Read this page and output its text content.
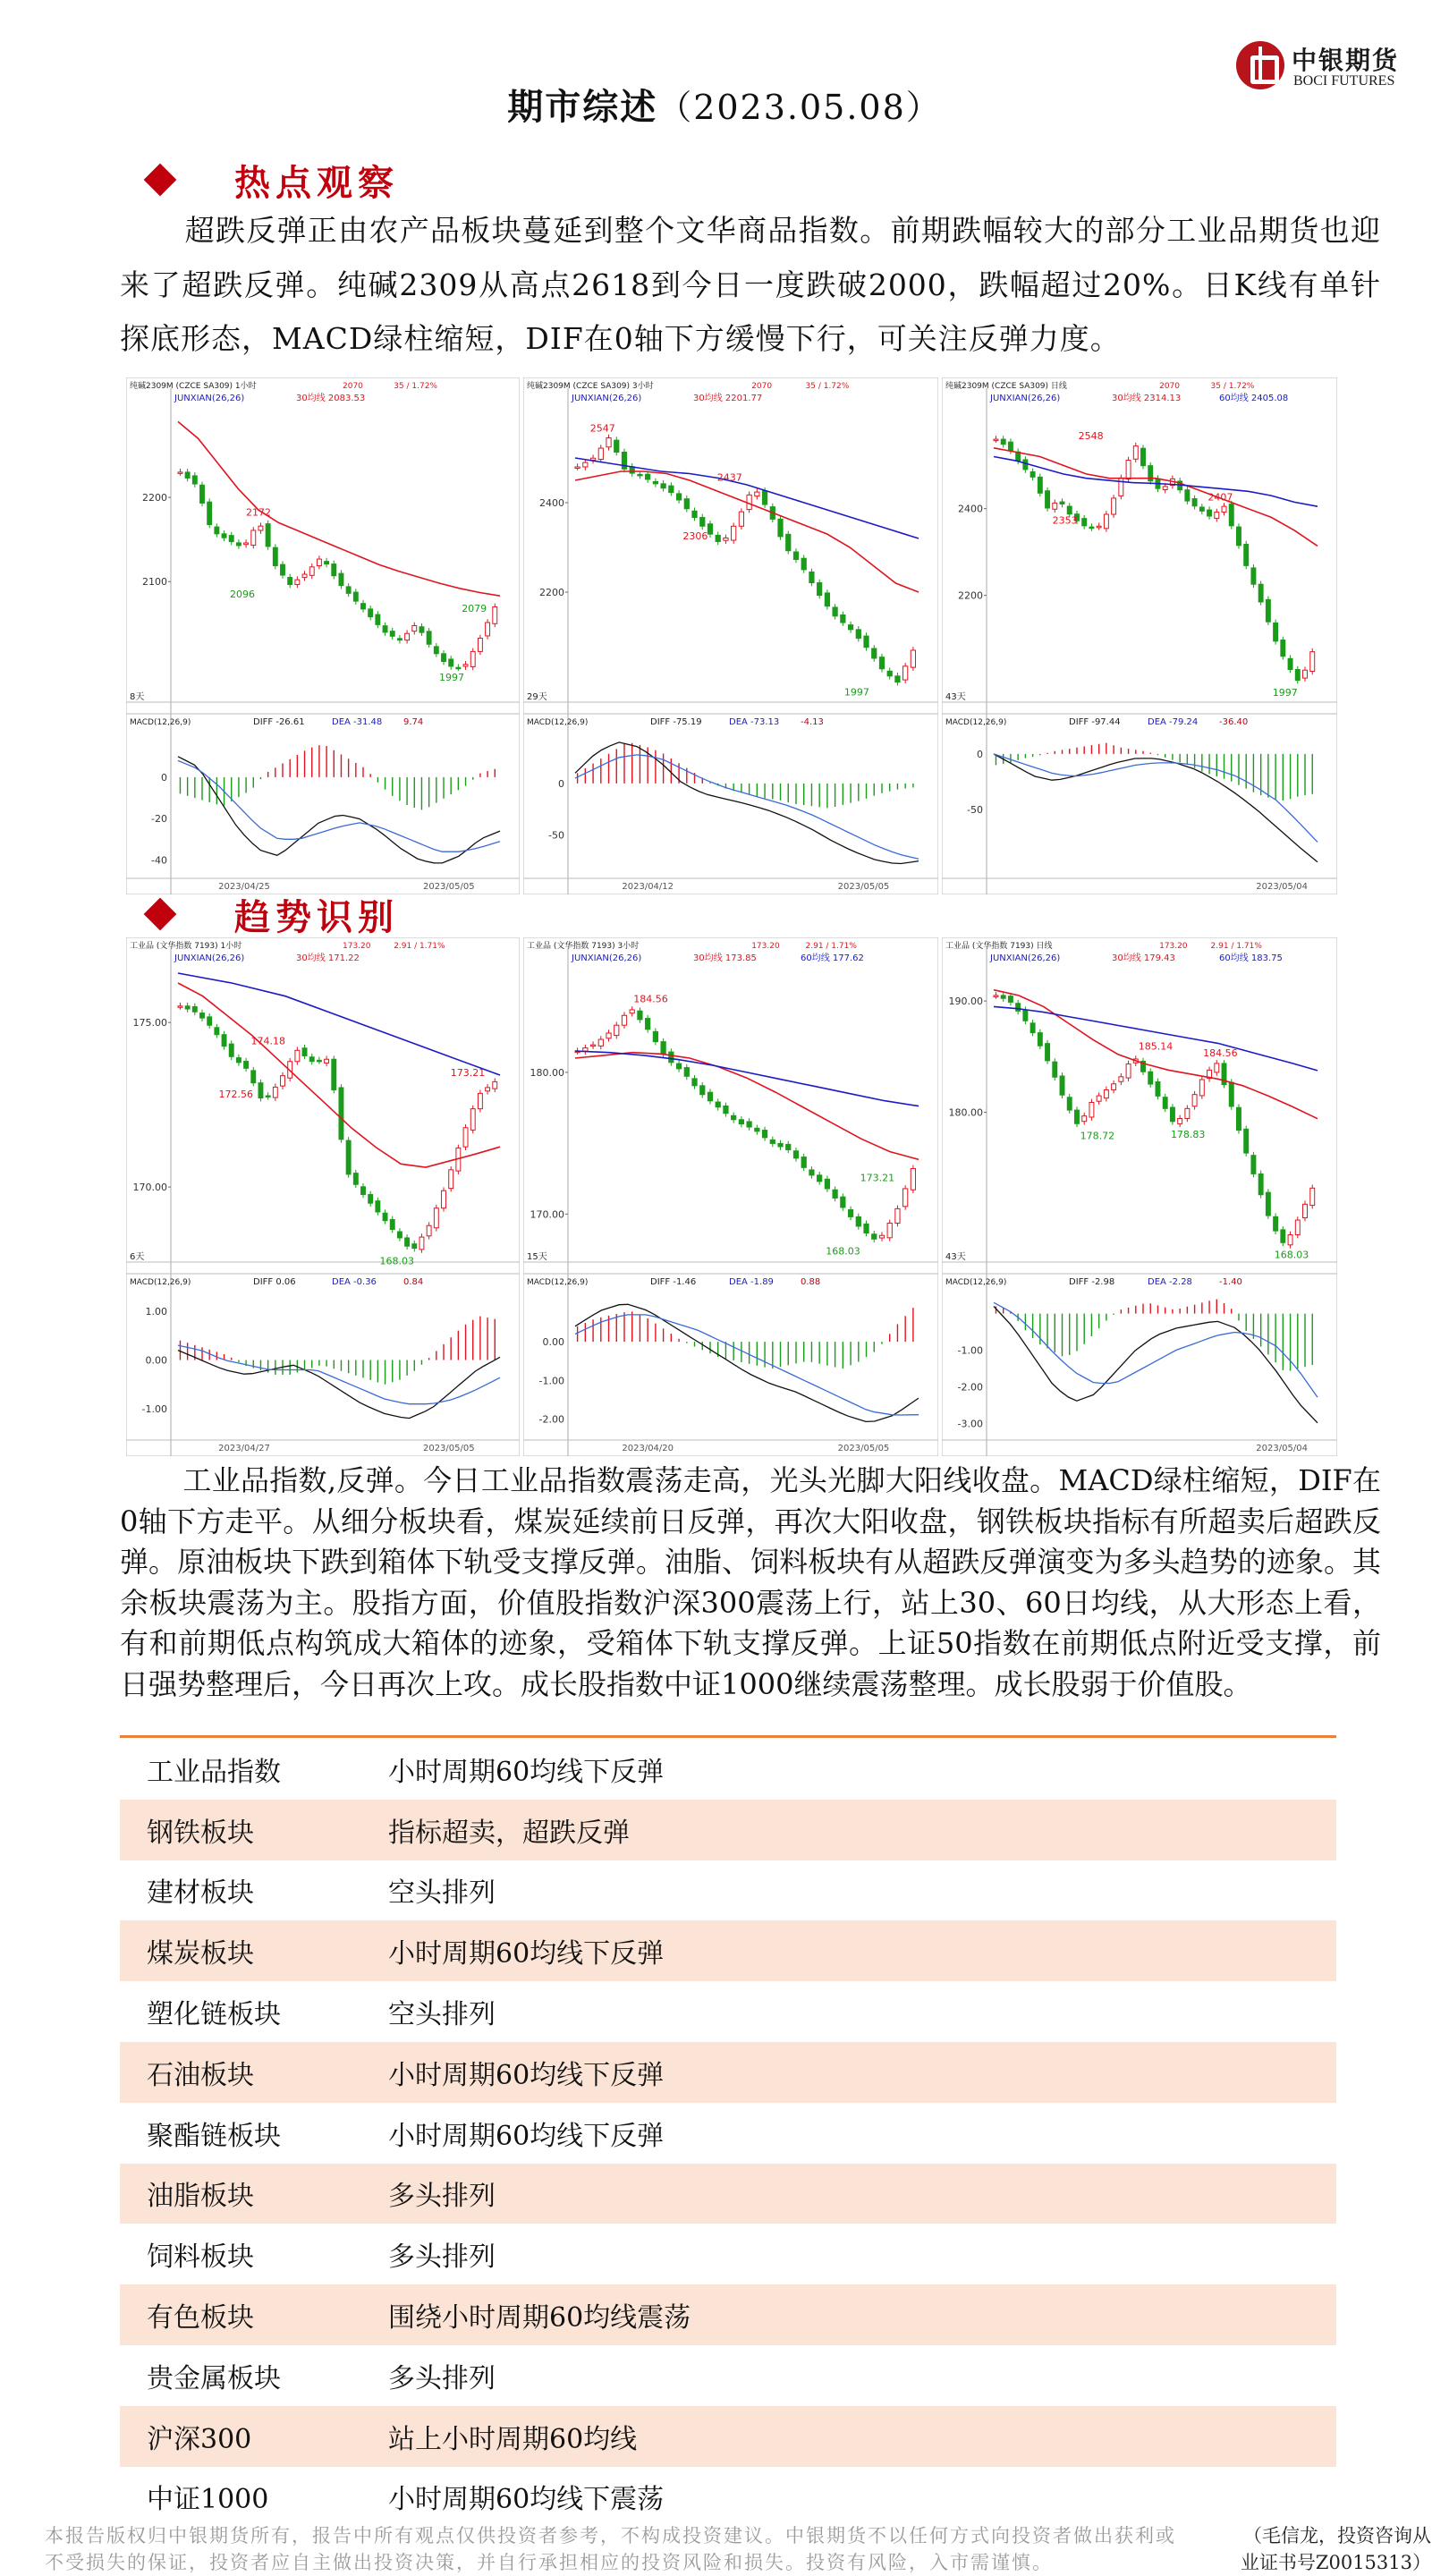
中银期货
BOCI FUTURES
期市综述（2023.05.08）
热点观察
超跌反弹正由农产品板块蔓延到整个文华商品指数。前期跌幅较大的部分工业品期货也迎来了超跌反弹。纯碱2309从高点2618到今日一度跌破2000，跌幅超过20%。日K线有单针探底形态，MACD绿柱缩短，DIF在0轴下方缓慢下行，可关注反弹力度。
纯碱2309M (CZCE SA309) 1小时	2070	35 / 1.72%
JUNXIAN(26,26)	30均线 2083.53
2200
2100
2172
2096
2079
1997
8天
MACD(12,26,9)	DIFF -26.61	DEA -31.48 9.74
0
-20
-40
2023/04/25	2023/05/05
纯碱2309M (CZCE SA309) 3小时	2070	35 / 1.72%
JUNXIAN(26,26)	30均线 2201.77
2400
2200
2547
2437
2306
1997
29天
MACD(12,26,9)	DIFF -75.19	DEA -73.13 -4.13
0
-50
2023/04/12	2023/05/05
纯碱2309M (CZCE SA309) 日线	2070	35 / 1.72%
JUNXIAN(26,26)	30均线 2314.13	60均线 2405.08
2400
2200
2548
2407
2353
1997
43天
MACD(12,26,9)	DIFF -97.44	DEA -79.24 -36.40
0
-50
2023/05/04
趋势识别
工业品 (文华指数 7193) 1小时	173.20	2.91 / 1.71%
JUNXIAN(26,26)	30均线 171.22
175.00
170.00
174.18
172.56
173.21
168.03
6天
MACD(12,26,9)	DIFF 0.06	DEA -0.36	0.84
1.00
0.00
-1.00
2023/04/27	2023/05/05
工业品 (文华指数 7193) 3小时	173.20	2.91 / 1.71%
JUNXIAN(26,26)	30均线 173.85	60均线 177.62
180.00
170.00
184.56
173.21
168.03
15天
MACD(12,26,9)	DIFF -1.46	DEA -1.89	0.88
0.00
-1.00
-2.00
2023/04/20	2023/05/05
工业品 (文华指数 7193) 日线	173.20	2.91 / 1.71%
JUNXIAN(26,26)	30均线 179.43	60均线 183.75
190.00
180.00
185.14
184.56
178.72	178.83
168.03
43天
MACD(12,26,9)	DIFF -2.98	DEA -2.28	-1.40
-1.00
-2.00
-3.00
2023/05/04
工业品指数,反弹。今日工业品指数震荡走高，光头光脚大阳线收盘。MACD绿柱缩短，DIF在0轴下方走平。从细分板块看，煤炭延续前日反弹，再次大阳收盘，钢铁板块指标有所超卖后超跌反弹。原油板块下跌到箱体下轨受支撑反弹。油脂、饲料板块有从超跌反弹演变为多头趋势的迹象。其余板块震荡为主。股指方面，价值股指数沪深300震荡上行，站上30、60日均线，从大形态上看，有和前期低点构筑成大箱体的迹象，受箱体下轨支撑反弹。上证50指数在前期低点附近受支撑，前日强势整理后，今日再次上攻。成长股指数中证1000继续震荡整理。成长股弱于价值股。
工业品指数	小时周期60均线下反弹
钢铁板块	指标超卖，超跌反弹
建材板块	空头排列
煤炭板块	小时周期60均线下反弹
塑化链板块	空头排列
石油板块	小时周期60均线下反弹
聚酯链板块	小时周期60均线下反弹
油脂板块	多头排列
饲料板块	多头排列
有色板块	围绕小时周期60均线震荡
贵金属板块	多头排列
沪深300	站上小时周期60均线
中证1000	小时周期60均线下震荡
本报告版权归中银期货所有，报告中所有观点仅供投资者参考，不构成投资建议。中银期货不以任何方式向投资者做出获利或不受损失的保证，投资者应自主做出投资决策，并自行承担相应的投资风险和损失。投资有风险，入市需谨慎。
（毛信龙，投资咨询从
业证书号Z0015313）
